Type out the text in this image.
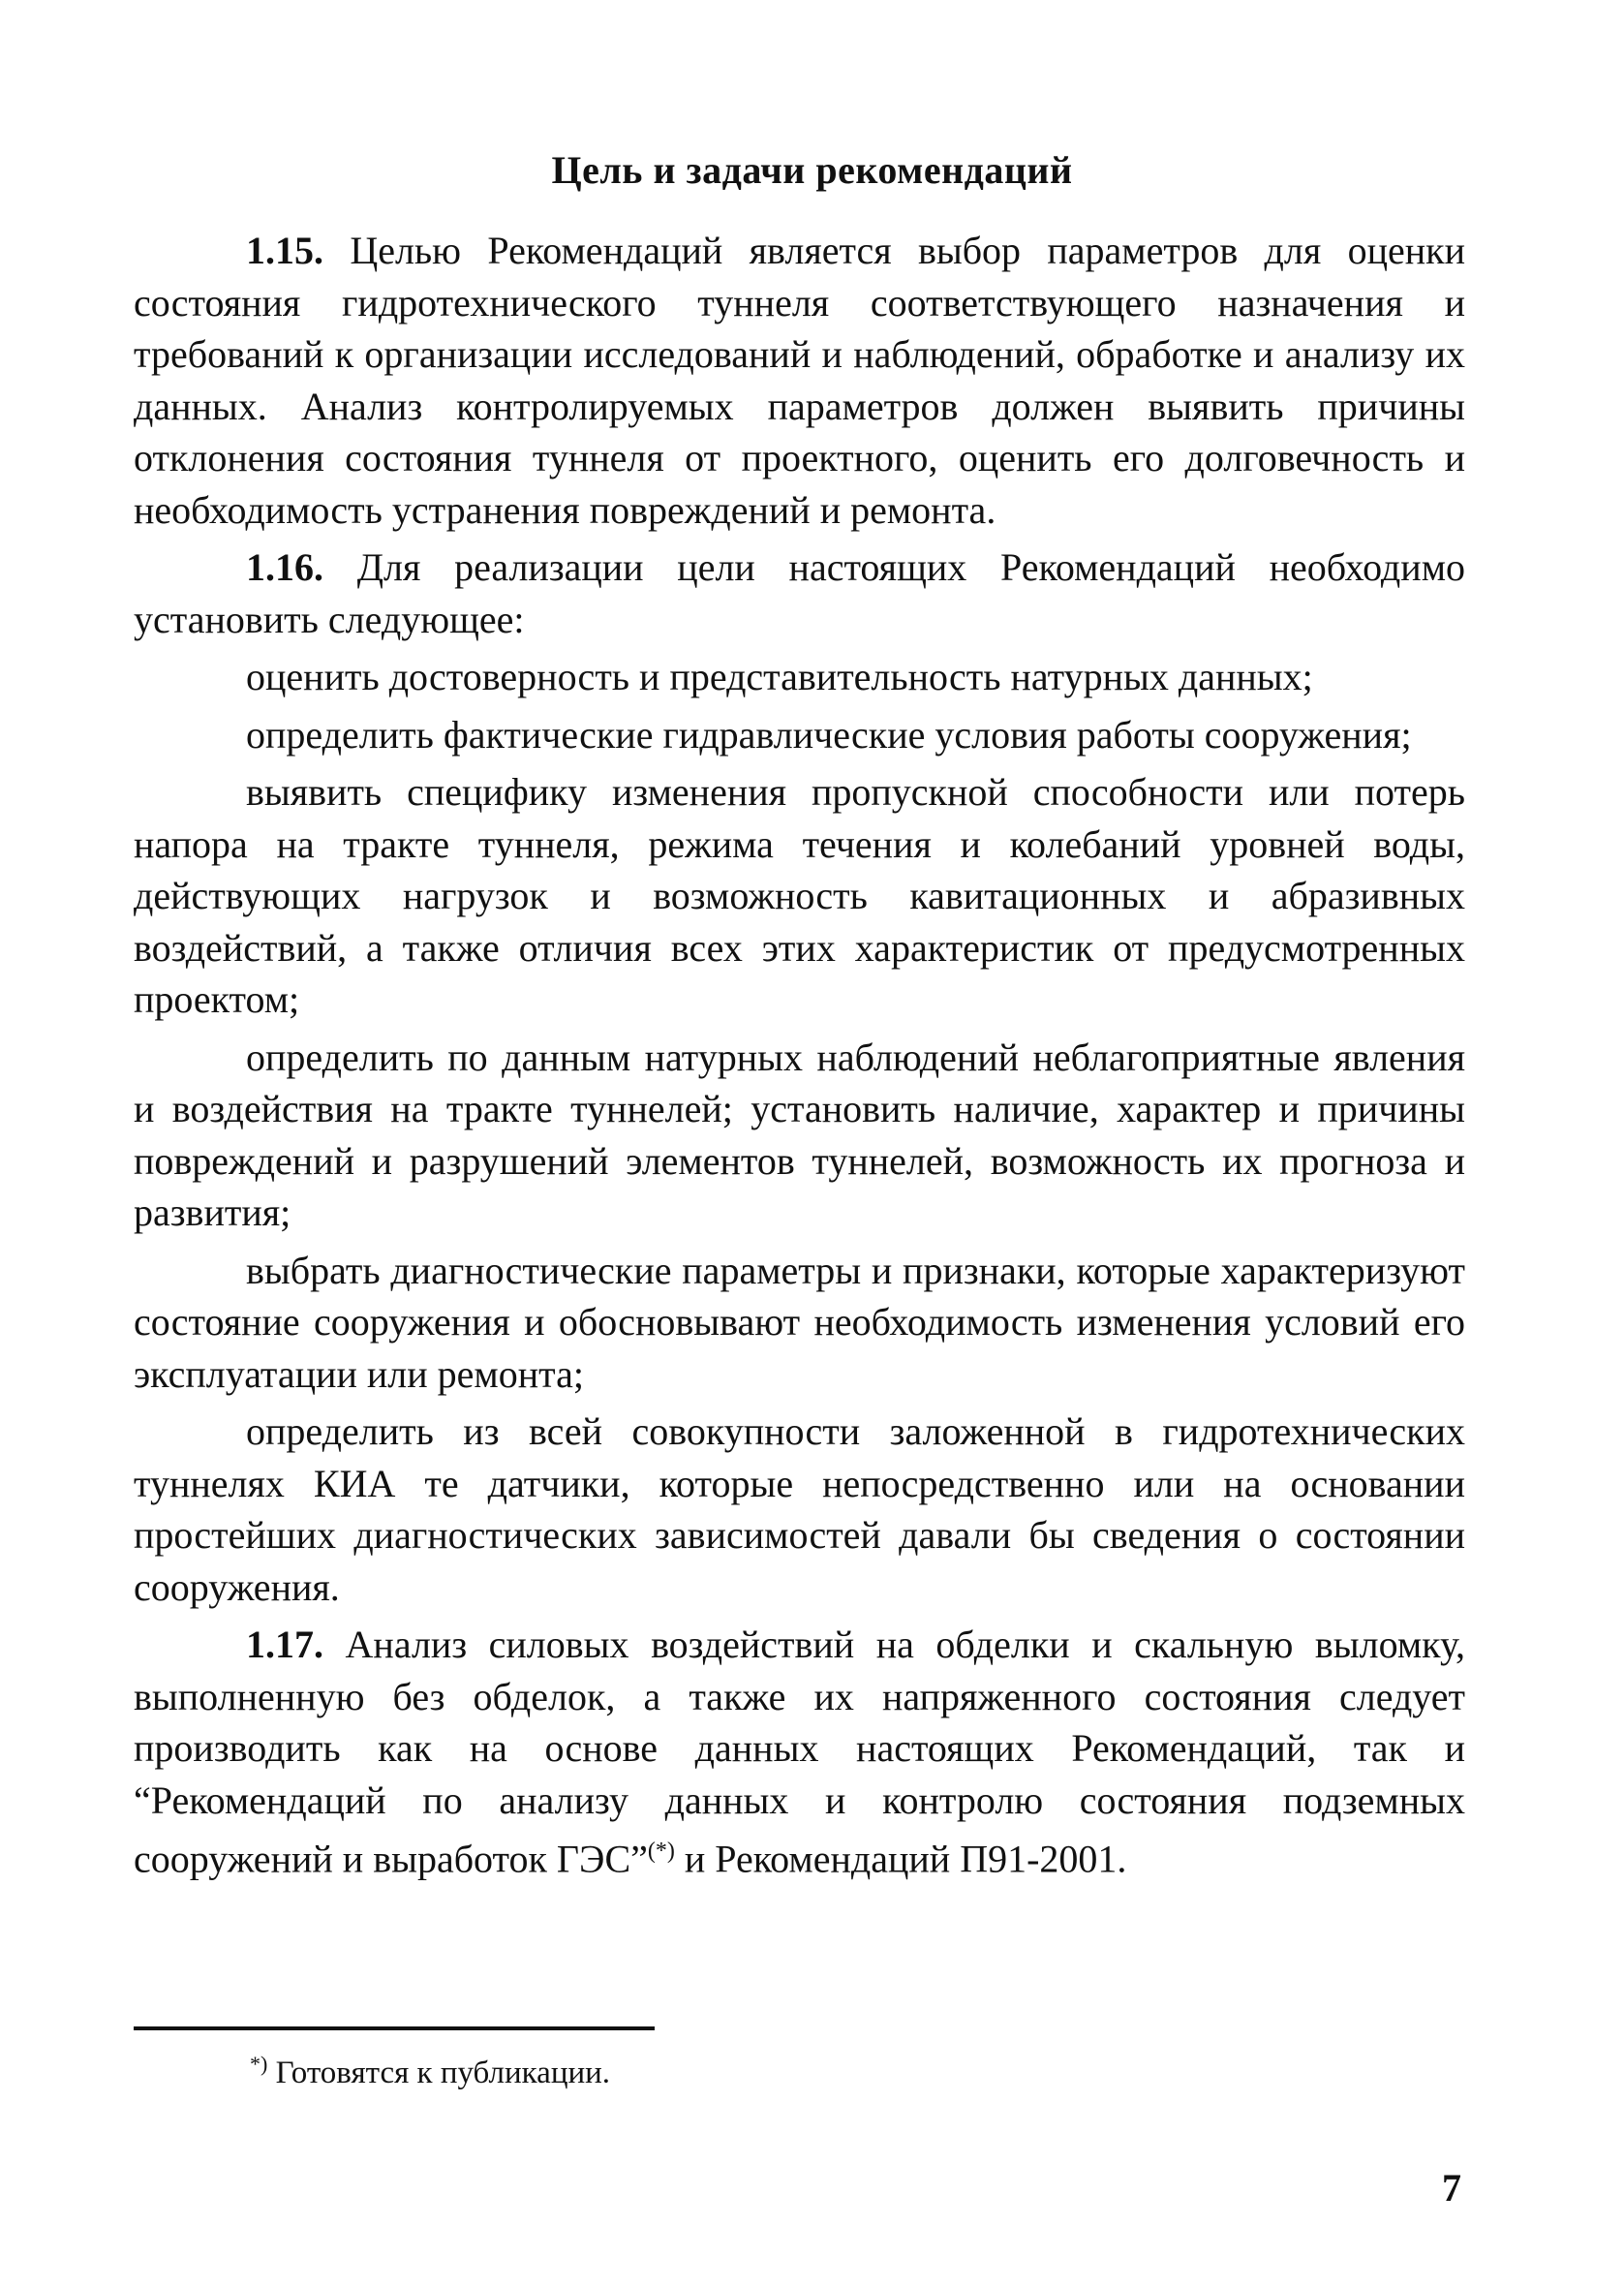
Цель и задачи рекомендаций

1.15. Целью Рекомендаций является выбор параметров для оценки состояния гидротехнического туннеля соответствующего назначения и требований к организации исследований и наблюдений, обработке и анализу их данных. Анализ контролируемых параметров должен выявить причины отклонения состояния туннеля от проектного, оценить его долговечность и необходимость устранения повреждений и ремонта.

1.16. Для реализации цели настоящих Рекомендаций необходимо установить следующее:

оценить достоверность и представительность натурных данных;

определить фактические гидравлические условия работы сооружения;

выявить специфику изменения пропускной способности или потерь напора на тракте туннеля, режима течения и колебаний уровней воды, действующих нагрузок и возможность кавитационных и абразивных воздействий, а также отличия всех этих характеристик от предусмотренных проектом;

определить по данным натурных наблюдений неблагоприятные явления и воздействия на тракте туннелей; установить наличие, характер и причины повреждений и разрушений элементов туннелей, возможность их прогноза и развития;

выбрать диагностические параметры и признаки, которые характеризуют состояние сооружения и обосновывают необходимость изменения условий его эксплуатации или ремонта;

определить из всей совокупности заложенной в гидротехнических туннелях КИА те датчики, которые непосредственно или на основании простейших диагностических зависимостей давали бы сведения о состоянии сооружения.

1.17. Анализ силовых воздействий на обделки и скальную выломку, выполненную без обделок, а также их напряженного состояния следует производить как на основе данных настоящих Рекомендаций, так и “Рекомендаций по анализу данных и контролю состояния подземных сооружений и выработок ГЭС”(*) и Рекомендаций П91-2001.

*) Готовятся к публикации.
7
